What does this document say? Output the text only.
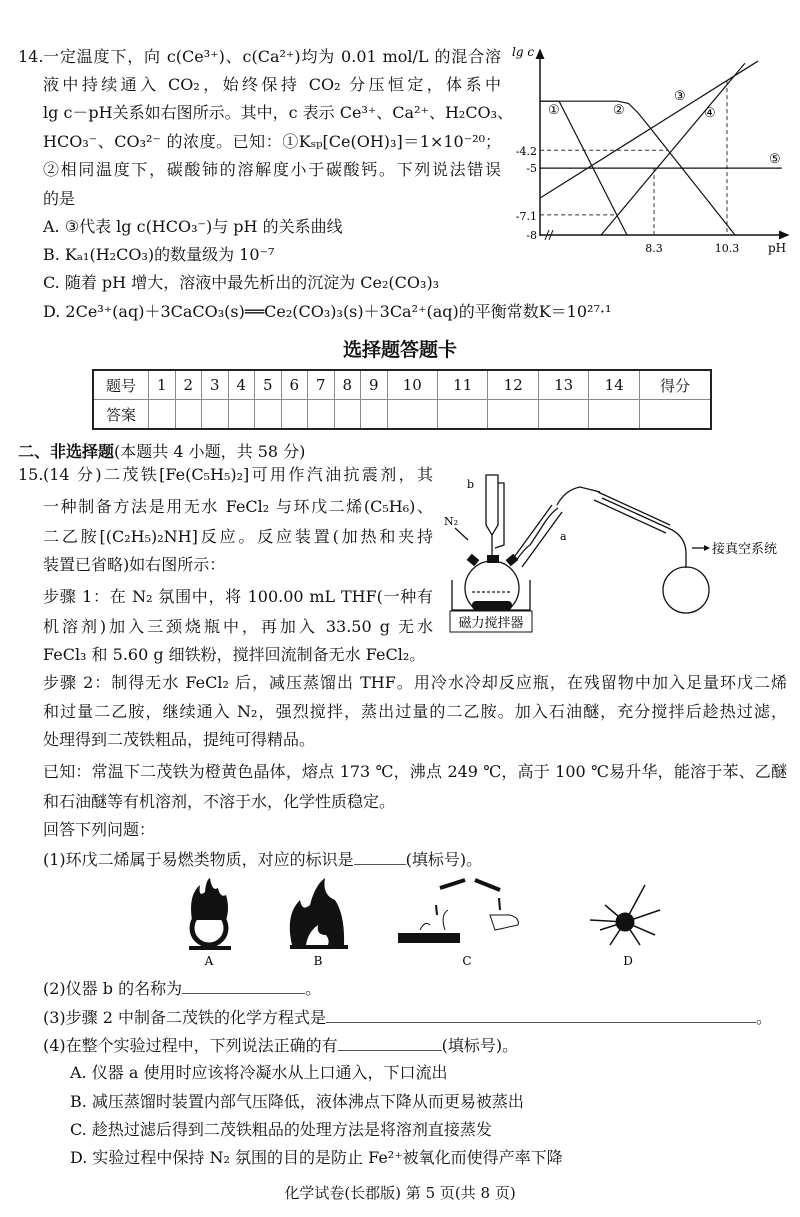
14. 一定温度下，向 c(Ce³⁺)、c(Ca²⁺)均为 0.01 mol/L 的混合溶
液中持续通入 CO₂，始终保持 CO₂ 分压恒定，体系中
lg c－pH关系如右图所示。其中，c 表示 Ce³⁺、Ca²⁺、H₂CO₃、
HCO₃⁻、CO₃²⁻ 的浓度。已知：①Kₛₚ[Ce(OH)₃]＝1×10⁻²⁰；
②相同温度下，碳酸铈的溶解度小于碳酸钙。下列说法错误
的是
A. ③代表 lg c(HCO₃⁻)与 pH 的关系曲线
B. Kₐ₁(H₂CO₃)的数量级为 10⁻⁷
C. 随着 pH 增大，溶液中最先析出的沉淀为 Ce₂(CO₃)₃
D. 2Ce³⁺(aq)＋3CaCO₃(s)══Ce₂(CO₃)₃(s)＋3Ca²⁺(aq)的平衡常数K＝10²⁷·¹
lg c
pH
-4.2
-5
-7.1
-8
8.3	10.3
①	②
③
④
⑤
选择题答题卡
题号	1	2	3	4	5	6	7	8	9	10	11	12	13	14	得分
答案															
二、非选择题(本题共 4 小题，共 58 分)
15. (14 分)二茂铁[Fe(C₅H₅)₂]可用作汽油抗震剂，其
一种制备方法是用无水 FeCl₂ 与环戊二烯(C₅H₆)、
二乙胺[(C₂H₅)₂NH]反应。反应装置(加热和夹持
装置已省略)如右图所示：
步骤 1：在 N₂ 氛围中，将 100.00 mL THF(一种有
机溶剂)加入三颈烧瓶中，再加入 33.50 g 无水
FeCl₃ 和 5.60 g 细铁粉，搅拌回流制备无水 FeCl₂。
步骤 2：制得无水 FeCl₂ 后，减压蒸馏出 THF。用冷水冷却反应瓶，在残留物中加入足量环戊二烯
和过量二乙胺，继续通入 N₂，强烈搅拌，蒸出过量的二乙胺。加入石油醚，充分搅拌后趁热过滤，
处理得到二茂铁粗品，提纯可得精品。
已知：常温下二茂铁为橙黄色晶体，熔点 173 ℃，沸点 249 ℃，高于 100 ℃易升华，能溶于苯、乙醚
和石油醚等有机溶剂，不溶于水，化学性质稳定。
回答下列问题：
磁力搅拌器
b
a
N₂
接真空系统
(1)环戊二烯属于易燃类物质，对应的标识是	(填标号)。
A	B	C	D
(2)仪器 b 的名称为	。
(3)步骤 2 中制备二茂铁的化学方程式是	。
(4)在整个实验过程中，下列说法正确的有	(填标号)。
A. 仪器 a 使用时应该将冷凝水从上口通入，下口流出
B. 减压蒸馏时装置内部气压降低，液体沸点下降从而更易被蒸出
C. 趁热过滤后得到二茂铁粗品的处理方法是将溶剂直接蒸发
D. 实验过程中保持 N₂ 氛围的目的是防止 Fe²⁺被氧化而使得产率下降
化学试卷(长郡版) 第 5 页(共 8 页)
